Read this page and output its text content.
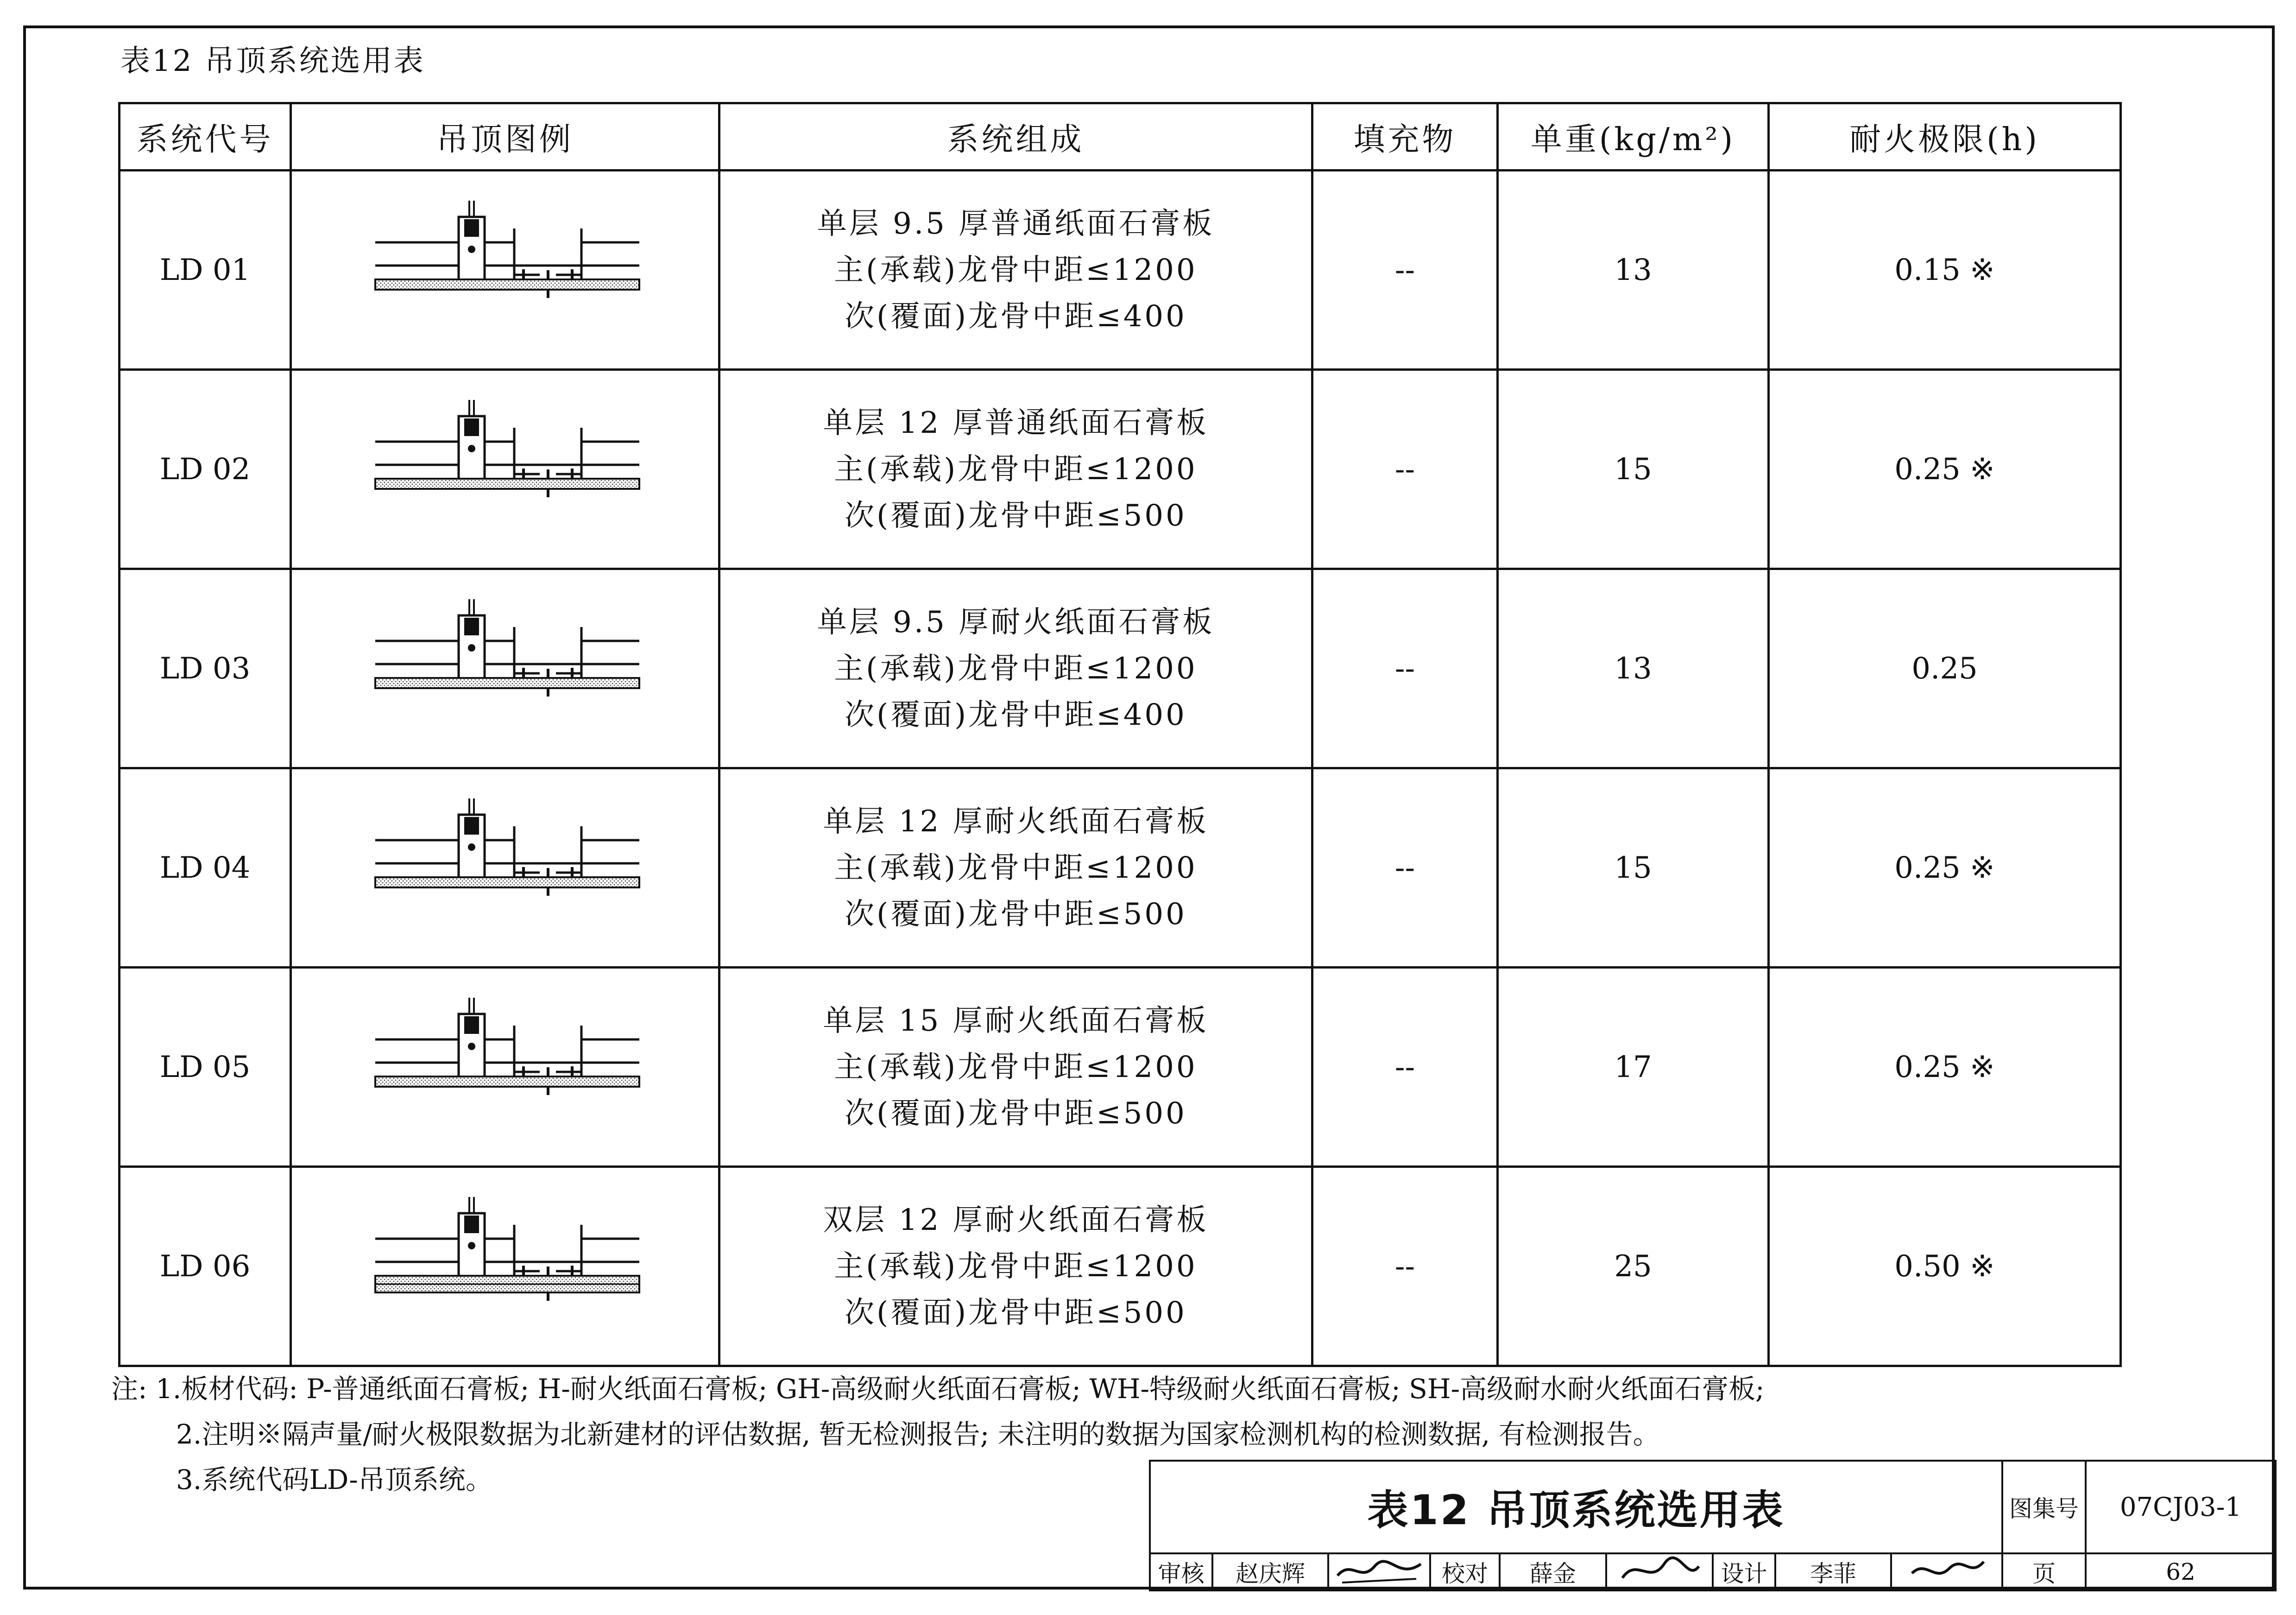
表12 吊顶系统选用表
系统代号	吊顶图例	系统组成	填充物	单重(kg/m²)	耐火极限(h)
LD 01		单层 9.5 厚普通纸面石膏板
主(承载)龙骨中距≤1200
次(覆面)龙骨中距≤400	--	13	0.15 ※
LD 02		单层 12 厚普通纸面石膏板
主(承载)龙骨中距≤1200
次(覆面)龙骨中距≤500	--	15	0.25 ※
LD 03		单层 9.5 厚耐火纸面石膏板
主(承载)龙骨中距≤1200
次(覆面)龙骨中距≤400	--	13	0.25
LD 04		单层 12 厚耐火纸面石膏板
主(承载)龙骨中距≤1200
次(覆面)龙骨中距≤500	--	15	0.25 ※
LD 05		单层 15 厚耐火纸面石膏板
主(承载)龙骨中距≤1200
次(覆面)龙骨中距≤500	--	17	0.25 ※
LD 06		双层 12 厚耐火纸面石膏板
主(承载)龙骨中距≤1200
次(覆面)龙骨中距≤500	--	25	0.50 ※
注: 1.板材代码: P-普通纸面石膏板; H-耐火纸面石膏板; GH-高级耐火纸面石膏板; WH-特级耐火纸面石膏板; SH-高级耐水耐火纸面石膏板;
2.注明※隔声量/耐火极限数据为北新建材的评估数据, 暂无检测报告; 未注明的数据为国家检测机构的检测数据, 有检测报告。
3.系统代码LD-吊顶系统。
表12 吊顶系统选用表									图集号	07CJ03-1
审核	赵庆辉		校对	薛金		设计	李菲		页	62
